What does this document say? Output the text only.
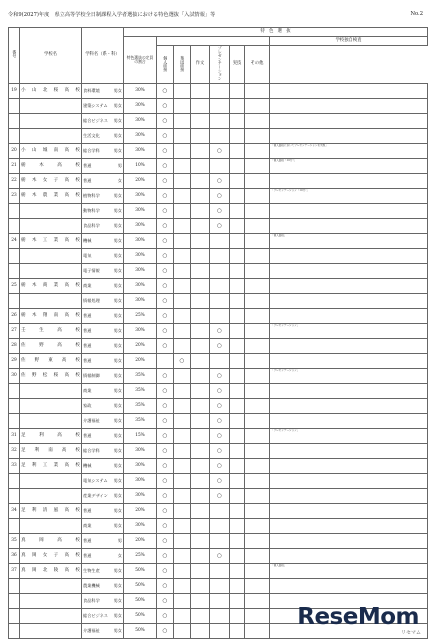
令和9(2027)年度　県立高等学校全日制課程入学者選抜における特色選抜「入試情報」等	No.2
番号	学校名	学科名（系・科）	特　色　選　抜							
			特色選抜の定員の割合							学校独自検査
				個人面接	集団面接	作文	プレゼンテーション	実技	その他	
19	小山北桜高校	食料環境 男女	30%	○						

		建築システム 男女	30%	○						

		総合ビジネス 男女	30%	○						

		生活文化 男女	30%	○						
20	小山城南高校	総合学科 男女	30%	○			○			「個人面接においてプレゼンテーションを実施」
21	栃木高校	普通 男	10%	○						「個人面接（10分）」
22	栃木女子高校	普通 女	20%	○			○			
23	栃木農業高校	植物科学 男女	30%	○			○			「プレゼンテーション（10分）」

		動物科学 男女	30%	○			○			

		食品科学 男女	30%	○			○			
24	栃木工業高校	機械 男女	30%	○						「個人面接」

		電気 男女	30%	○						

		電子情報 男女	30%	○						
25	栃木商業高校	商業 男女	30%	○						

		情報処理 男女	30%	○						
26	栃木翔南高校	普通 男女	25%	○						
27	壬生高校	普通 男女	30%	○			○			「プレゼンテーション」
28	佐野高校	普通 男女	20%	○			○			
29	佐野東高校	普通 男女	20%		○					
30	佐野松桜高校	情報制御 男女	35%	○			○			「プレゼンテーション」

		商業 男女	35%	○			○			

		家政 男女	35%	○			○			

		介護福祉 男女	35%	○			○			
31	足利高校	普通 男女	15%	○			○			「プレゼンテーション」
32	足利南高校	総合学科 男女	30%	○			○			
33	足利工業高校	機械 男女	30%	○			○			

		電気システム 男女	30%	○			○			

		産業デザイン 男女	30%	○			○			
34	足利清風高校	普通 男女	20%	○						

		商業 男女	30%	○						
35	真岡高校	普通 男	20%	○						
36	真岡女子高校	普通 女	25%	○			○			
37	真岡北陵高校	生物生産 男女	50%	○						「個人面接」

		農業機械 男女	50%	○						

		食品科学 男女	50%	○						

		総合ビジネス 男女	50%	○						

		介護福祉 男女	50%	○						
ReseMom
リセマム
